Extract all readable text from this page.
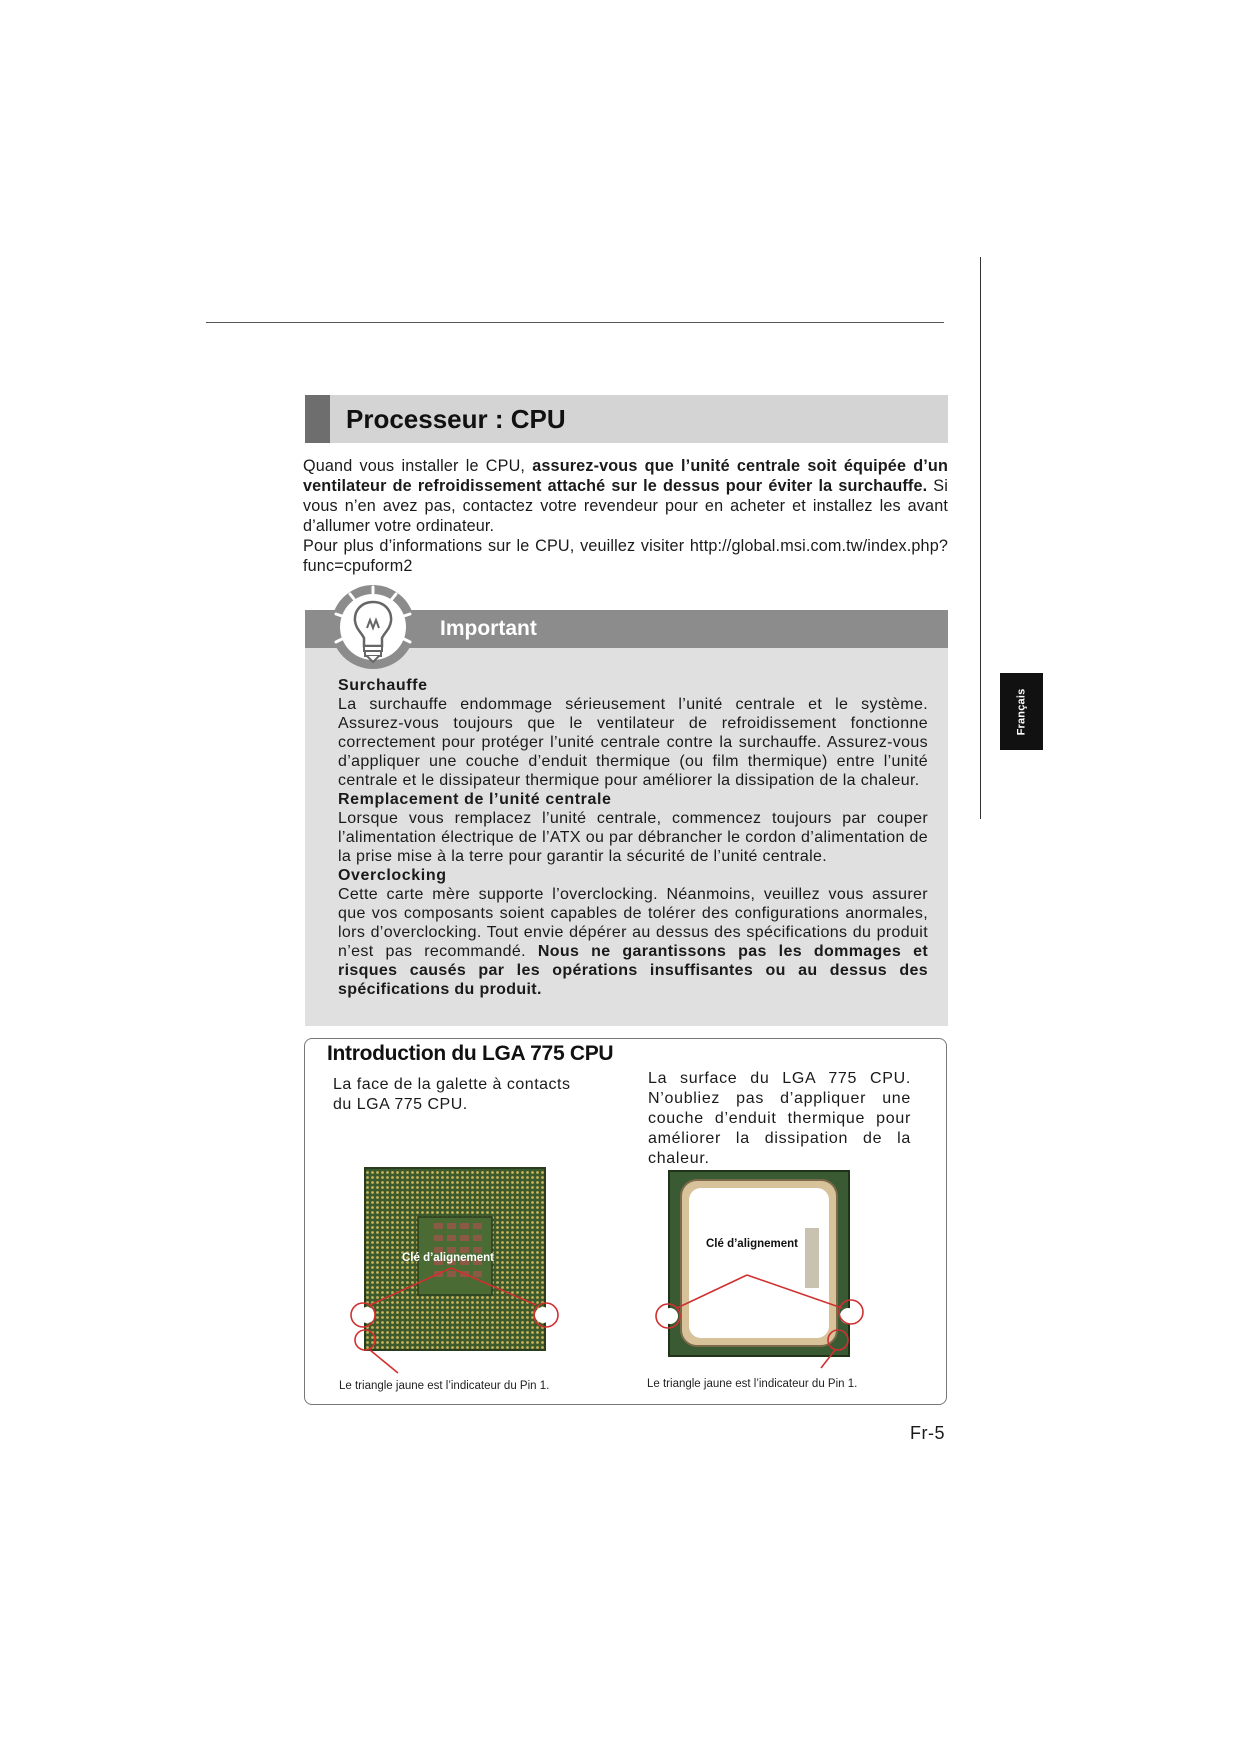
Français
Processeur : CPU

Quand vous installer le CPU, assurez-vous que l’unité centrale soit équipée d’un ventilateur de refroidissement attaché sur le dessus pour éviter la surchauffe. Si vous n’en avez pas, contactez votre revendeur pour en acheter et installez les avant d’allumer votre ordinateur.

Pour plus d’informations sur le CPU, veuillez visiter http://global.msi.com.tw/index.php?func=cpuform2

Important

Surchauffe

La surchauffe endommage sérieusement l’unité centrale et le système. Assurez-vous toujours que le ventilateur de refroidissement fonctionne correctement pour protéger l’unité centrale contre la surchauffe. Assurez-vous d’appliquer une couche d’enduit thermique (ou film thermique) entre l’unité centrale et le dissipateur thermique pour améliorer la dissipation de la chaleur.

Remplacement de l’unité centrale

Lorsque vous remplacez l’unité centrale, commencez toujours par couper l’alimentation électrique de l’ATX ou par débrancher le cordon d’alimentation de la prise mise à la terre pour garantir la sécurité de l’unité centrale.

Overclocking

Cette carte mère supporte l’overclocking. Néanmoins, veuillez vous assurer que vos composants soient capables de tolérer des configurations anormales, lors d’overclocking. Tout envie dépérer au dessus des spécifications du produit n’est pas recommandé. Nous ne garantissons pas les dommages et risques causés par les opérations insuffisantes ou au dessus des spécifications du produit.

Introduction du LGA 775 CPU

La face de la galette à contacts du LGA 775 CPU.

La surface du LGA 775 CPU. N’oubliez pas d’appliquer une couche d’enduit thermique pour améliorer la dissipation de la chaleur.

Clé d’alignement
Le triangle jaune est l’indicateur du Pin 1.
Clé d’alignement
Le triangle jaune est l’indicateur du Pin 1.
Fr-5
